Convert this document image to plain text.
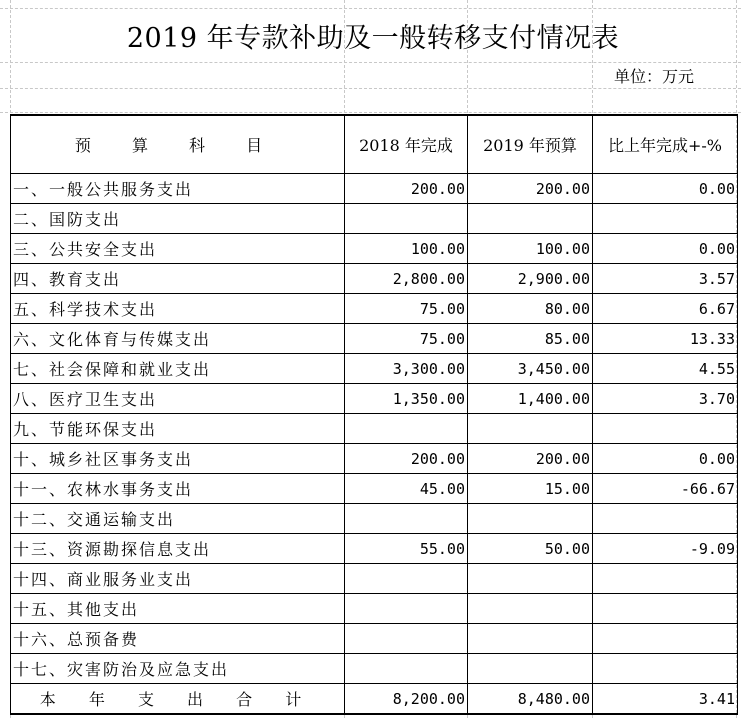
2019 年专款补助及一般转移支付情况表
单位：万元
预 算 科 目	2018 年完成	2019 年预算	比上年完成+-%
一、一般公共服务支出	200.00	200.00	0.00
二、国防支出			
三、公共安全支出	100.00	100.00	0.00
四、教育支出	2,800.00	2,900.00	3.57
五、科学技术支出	75.00	80.00	6.67
六、文化体育与传媒支出	75.00	85.00	13.33
七、社会保障和就业支出	3,300.00	3,450.00	4.55
八、医疗卫生支出	1,350.00	1,400.00	3.70
九、节能环保支出			
十、城乡社区事务支出	200.00	200.00	0.00
十一、农林水事务支出	45.00	15.00	-66.67
十二、交通运输支出			
十三、资源勘探信息支出	55.00	50.00	-9.09
十四、商业服务业支出			
十五、其他支出			
十六、总预备费			
十七、灾害防治及应急支出			
本 年 支 出 合 计	8,200.00	8,480.00	3.41
